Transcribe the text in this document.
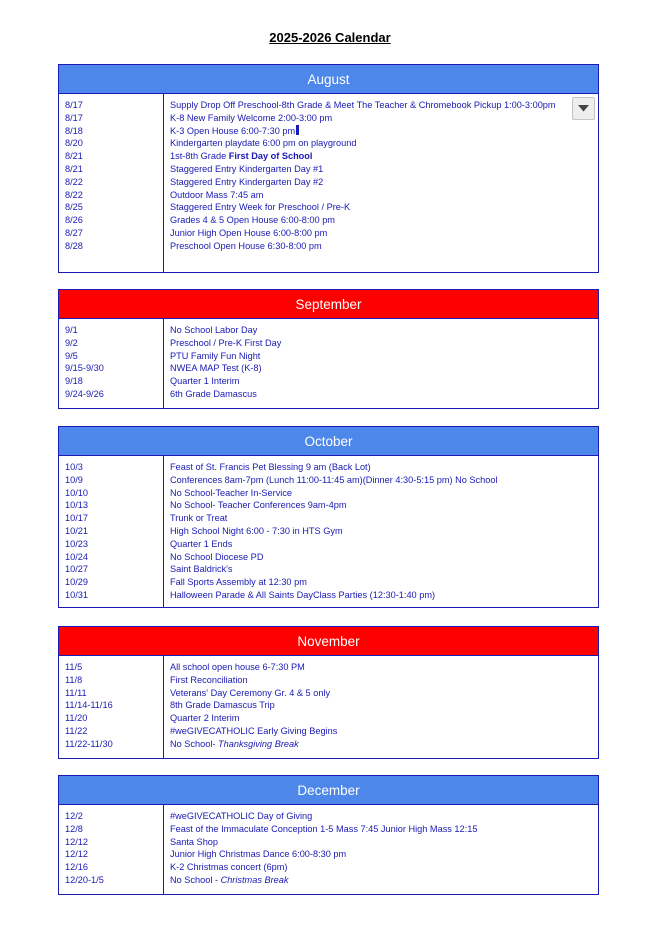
2025-2026 Calendar
August
8/17
8/17
8/18
8/20
8/21
8/21
8/22
8/22
8/25
8/26
8/27
8/28
Supply Drop Off Preschool-8th Grade & Meet The Teacher & Chromebook Pickup 1:00-3:00pm
K-8 New Family Welcome 2:00-3:00 pm
K-3 Open House 6:00-7:30 pm
Kindergarten playdate 6:00 pm on playground
1st-8th Grade First Day of School
Staggered Entry Kindergarten Day #1
Staggered Entry Kindergarten Day #2
Outdoor Mass 7:45 am
Staggered Entry Week for Preschool / Pre-K
Grades 4 & 5 Open House 6:00-8:00 pm
Junior High Open House 6:00-8:00 pm
Preschool Open House 6:30-8:00 pm
September
9/1
9/2
9/5
9/15-9/30
9/18
9/24-9/26
No School Labor Day
Preschool / Pre-K First Day
PTU Family Fun Night
NWEA MAP Test (K-8)
Quarter 1 Interim
6th Grade Damascus
October
10/3
10/9
10/10
10/13
10/17
10/21
10/23
10/24
10/27
10/29
10/31
Feast of St. Francis Pet Blessing 9 am (Back Lot)
Conferences 8am-7pm (Lunch 11:00-11:45 am)(Dinner 4:30-5:15 pm) No School
No School-Teacher In-Service
No School- Teacher Conferences 9am-4pm
Trunk or Treat
High School Night 6:00 - 7:30 in HTS Gym
Quarter 1 Ends
No School Diocese PD
Saint Baldrick's
Fall Sports Assembly at 12:30 pm
Halloween Parade & All Saints DayClass Parties (12:30-1:40 pm)
November
11/5
11/8
11/11
11/14-11/16
11/20
11/22
11/22-11/30
All school open house 6-7:30 PM
First Reconciliation
Veterans' Day Ceremony Gr. 4 & 5 only
8th Grade Damascus Trip
Quarter 2 Interim
#weGIVECATHOLIC Early Giving Begins
No School- Thanksgiving Break
December
12/2
12/8
12/12
12/12
12/16
12/20-1/5
#weGIVECATHOLIC Day of Giving
Feast of the Immaculate Conception 1-5 Mass 7:45 Junior High Mass 12:15
Santa Shop
Junior High Christmas Dance 6:00-8:30 pm
K-2 Christmas concert (6pm)
No School - Christmas Break
